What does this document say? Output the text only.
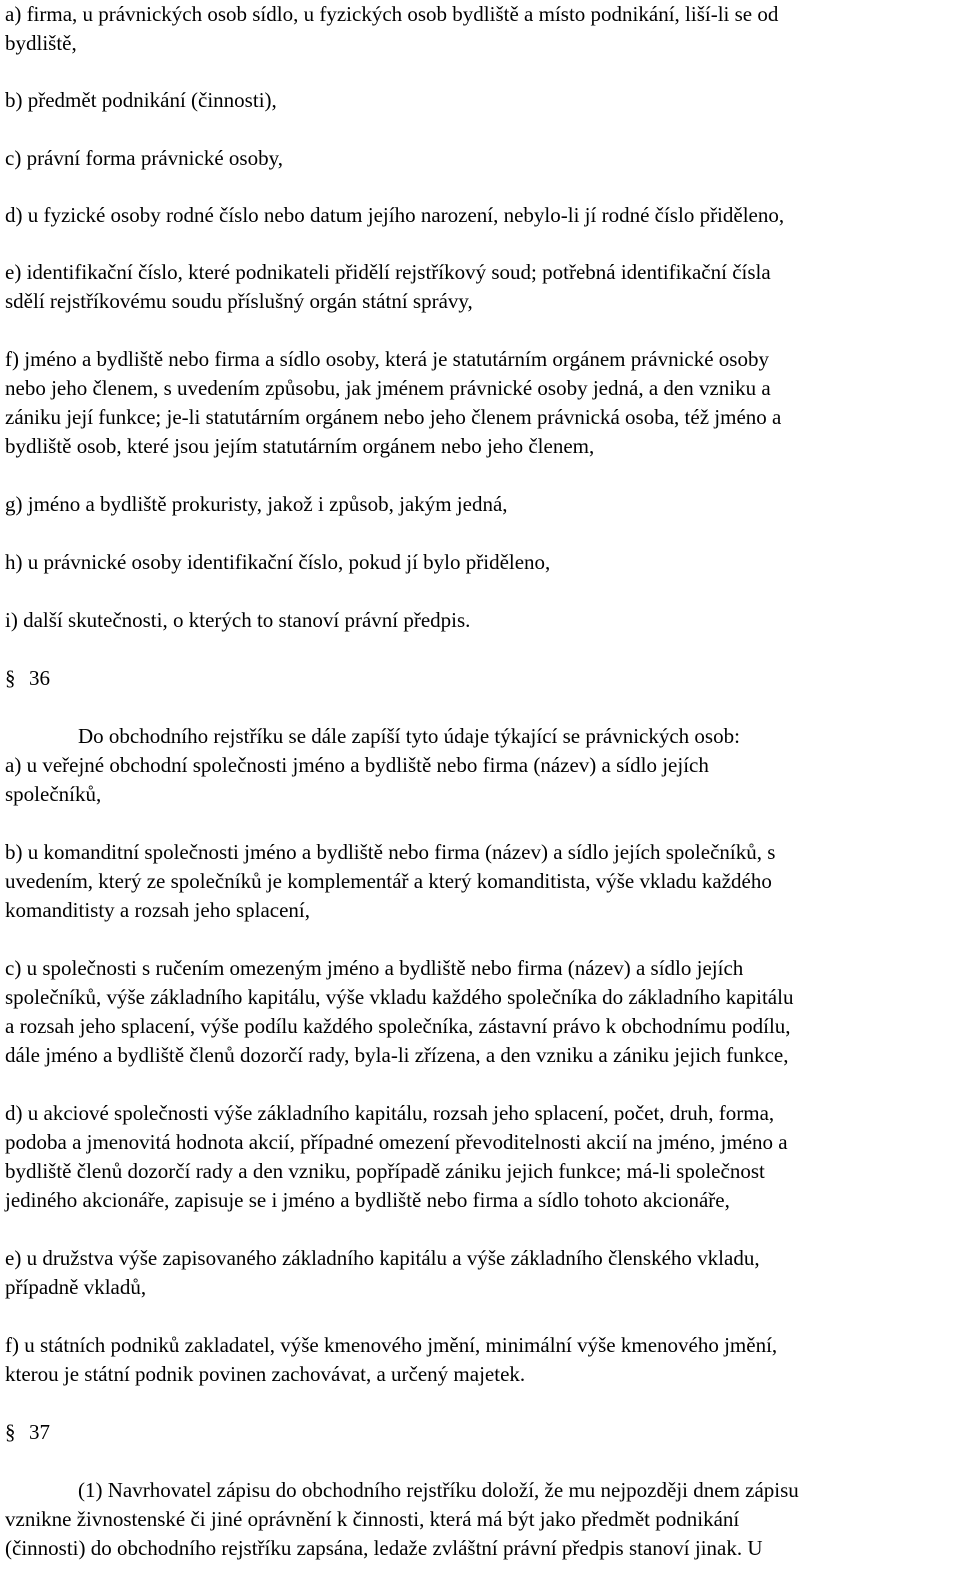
a) firma, u právnických osob sídlo, u fyzických osob bydliště a místo podnikání, liší-li se od
bydliště,
b) předmět podnikání (činnosti),
c) právní forma právnické osoby,
d) u fyzické osoby rodné číslo nebo datum jejího narození, nebylo-li jí rodné číslo přiděleno,
e) identifikační číslo, které podnikateli přidělí rejstříkový soud; potřebná identifikační čísla
sdělí rejstříkovému soudu příslušný orgán státní správy,
f) jméno a bydliště nebo firma a sídlo osoby, která je statutárním orgánem právnické osoby
nebo jeho členem, s uvedením způsobu, jak jménem právnické osoby jedná, a den vzniku a
zániku její funkce; je-li statutárním orgánem nebo jeho členem právnická osoba, též jméno a
bydliště osob, které jsou jejím statutárním orgánem nebo jeho členem,
g) jméno a bydliště prokuristy, jakož i způsob, jakým jedná,
h) u právnické osoby identifikační číslo, pokud jí bylo přiděleno,
i) další skutečnosti, o kterých to stanoví právní předpis.
§ 36
Do obchodního rejstříku se dále zapíší tyto údaje týkající se právnických osob:
a) u veřejné obchodní společnosti jméno a bydliště nebo firma (název) a sídlo jejích
společníků,
b) u komanditní společnosti jméno a bydliště nebo firma (název) a sídlo jejích společníků, s
uvedením, který ze společníků je komplementář a který komanditista, výše vkladu každého
komanditisty a rozsah jeho splacení,
c) u společnosti s ručením omezeným jméno a bydliště nebo firma (název) a sídlo jejích
společníků, výše základního kapitálu, výše vkladu každého společníka do základního kapitálu
a rozsah jeho splacení, výše podílu každého společníka, zástavní právo k obchodnímu podílu,
dále jméno a bydliště členů dozorčí rady, byla-li zřízena, a den vzniku a zániku jejich funkce,
d) u akciové společnosti výše základního kapitálu, rozsah jeho splacení, počet, druh, forma,
podoba a jmenovitá hodnota akcií, případné omezení převoditelnosti akcií na jméno, jméno a
bydliště členů dozorčí rady a den vzniku, popřípadě zániku jejich funkce; má-li společnost
jediného akcionáře, zapisuje se i jméno a bydliště nebo firma a sídlo tohoto akcionáře,
e) u družstva výše zapisovaného základního kapitálu a výše základního členského vkladu,
případně vkladů,
f) u státních podniků zakladatel, výše kmenového jmění, minimální výše kmenového jmění,
kterou je státní podnik povinen zachovávat, a určený majetek.
§ 37
(1) Navrhovatel zápisu do obchodního rejstříku doloží, že mu nejpozději dnem zápisu
vznikne živnostenské či jiné oprávnění k činnosti, která má být jako předmět podnikání
(činnosti) do obchodního rejstříku zapsána, ledaže zvláštní právní předpis stanoví jinak. U
